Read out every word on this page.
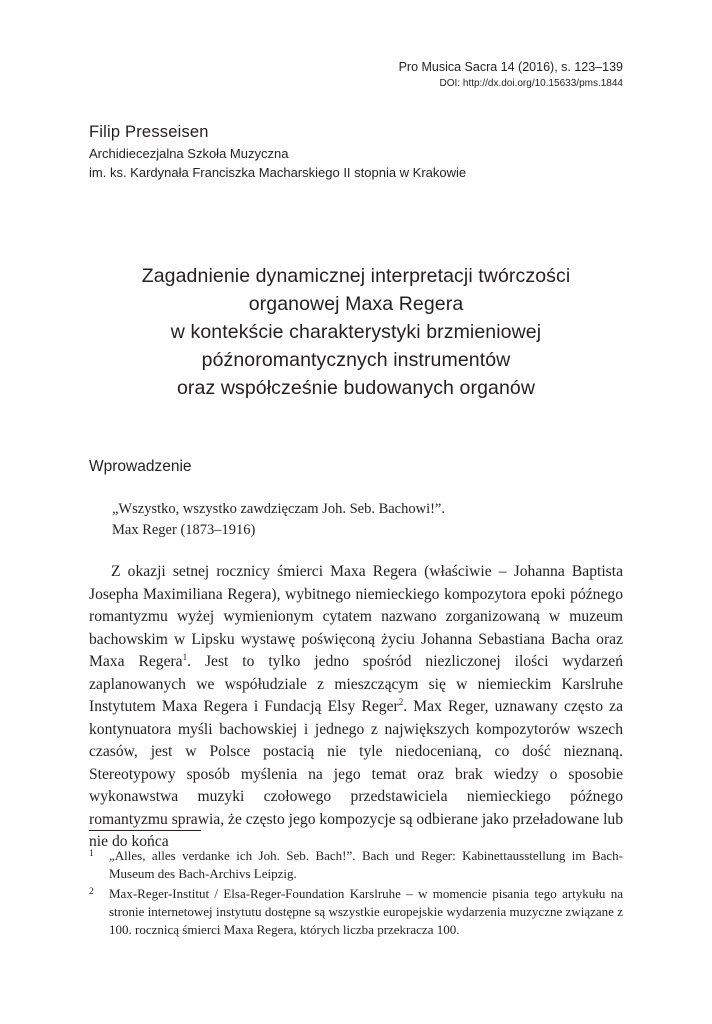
Pro Musica Sacra 14 (2016), s. 123–139
DOI: http://dx.doi.org/10.15633/pms.1844
Filip Presseisen
Archidiecezjalna Szkoła Muzyczna
im. ks. Kardynała Franciszka Macharskiego II stopnia w Krakowie
Zagadnienie dynamicznej interpretacji twórczości
organowej Maxa Regera
w kontekście charakterystyki brzmieniowej
późnoromantycznych instrumentów
oraz współcześnie budowanych organów
Wprowadzenie
„Wszystko, wszystko zawdzięczam Joh. Seb. Bachowi!”.
Max Reger (1873–1916)

Z okazji setnej rocznicy śmierci Maxa Regera (właściwie – Johanna Baptista Josepha Maximiliana Regera), wybitnego niemieckiego kompozytora epoki późnego romantyzmu wyżej wymienionym cytatem nazwano zorganizowaną w muzeum bachowskim w Lipsku wystawę poświęconą życiu Johanna Sebastiana Bacha oraz Maxa Regera$^1$. Jest to tylko jedno spośród niezliczonej ilości wydarzeń zaplanowanych we współudziale z mieszczącym się w niemieckim Karslruhe Instytutem Maxa Regera i Fundacją Elsy Reger$^2$. Max Reger, uznawany często za kontynuatora myśli bachowskiej i jednego z największych kompozytorów wszech czasów, jest w Polsce postacią nie tyle niedocenianą, co dość nieznaną. Stereotypowy sposób myślenia na jego temat oraz brak wiedzy o sposobie wykonawstwa muzyki czołowego przedstawiciela niemieckiego późnego romantyzmu sprawia, że często jego kompozycje są odbierane jako przeładowane lub nie do końca

1 „Alles, alles verdanke ich Joh. Seb. Bach!”. Bach und Reger: Kabinettausstellung im Bach-Museum des Bach-Archivs Leipzig.
2 Max-Reger-Institut / Elsa-Reger-Foundation Karslruhe – w momencie pisania tego artykułu na stronie internetowej instytutu dostępne są wszystkie europejskie wydarzenia muzyczne związane z 100. rocznicą śmierci Maxa Regera, których liczba przekracza 100.
